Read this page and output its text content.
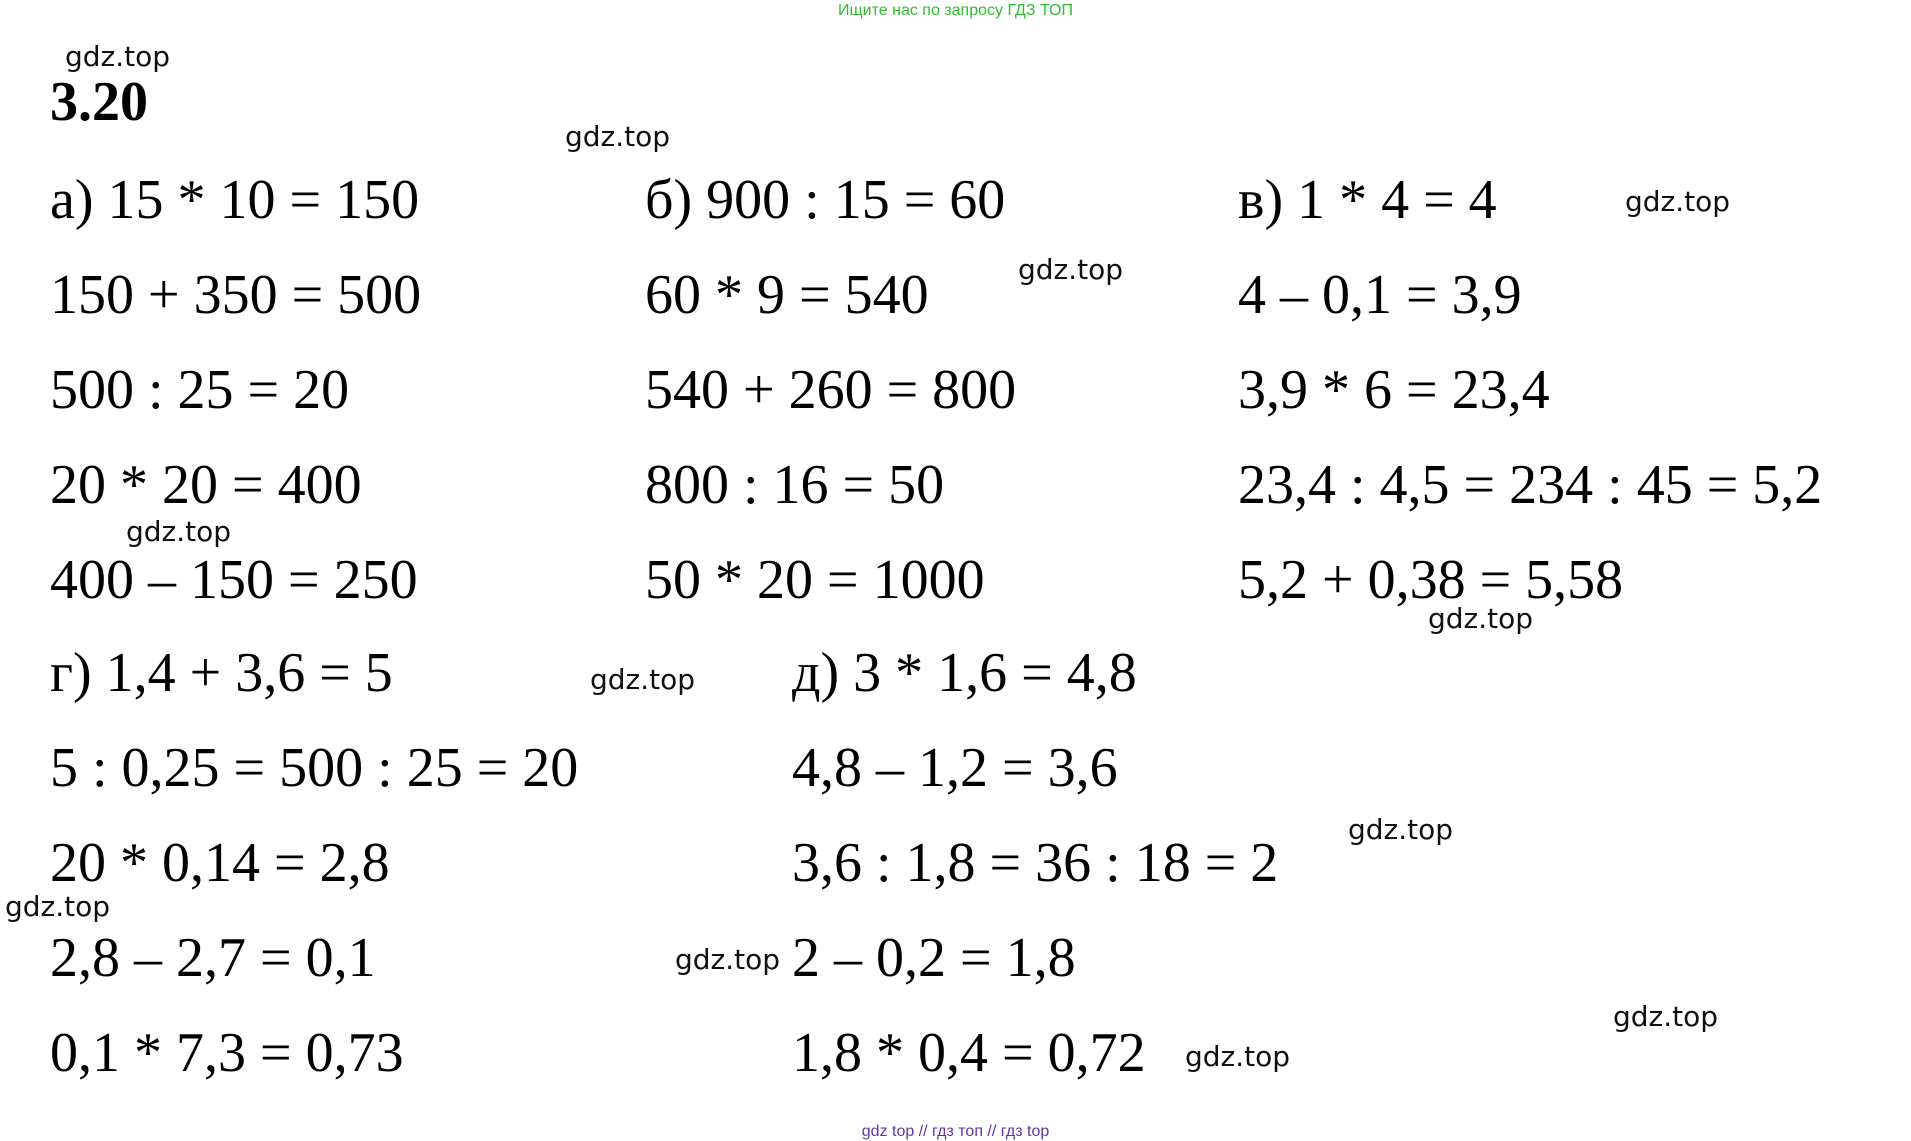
Ищите нас по запросу ГДЗ ТОП
3.20
gdz.top
gdz.top
gdz.top
gdz.top
gdz.top
gdz.top
gdz.top
gdz.top
gdz.top
gdz.top
gdz.top
gdz.top
а) 15 * 10 = 150
150 + 350 = 500
500 : 25 = 20
20 * 20 = 400
400 – 150 = 250
б) 900 : 15 = 60
60 * 9 = 540
540 + 260 = 800
800 : 16 = 50
50 * 20 = 1000
в) 1 * 4 = 4
4 – 0,1 = 3,9
3,9 * 6 = 23,4
23,4 : 4,5 = 234 : 45 = 5,2
5,2 + 0,38 = 5,58
г) 1,4 + 3,6 = 5
5 : 0,25 = 500 : 25 = 20
20 * 0,14 = 2,8
2,8 – 2,7 = 0,1
0,1 * 7,3 = 0,73
д) 3 * 1,6 = 4,8
4,8 – 1,2 = 3,6
3,6 : 1,8 = 36 : 18 = 2
2 – 0,2 = 1,8
1,8 * 0,4 = 0,72
gdz top // гдз топ // гдз top
